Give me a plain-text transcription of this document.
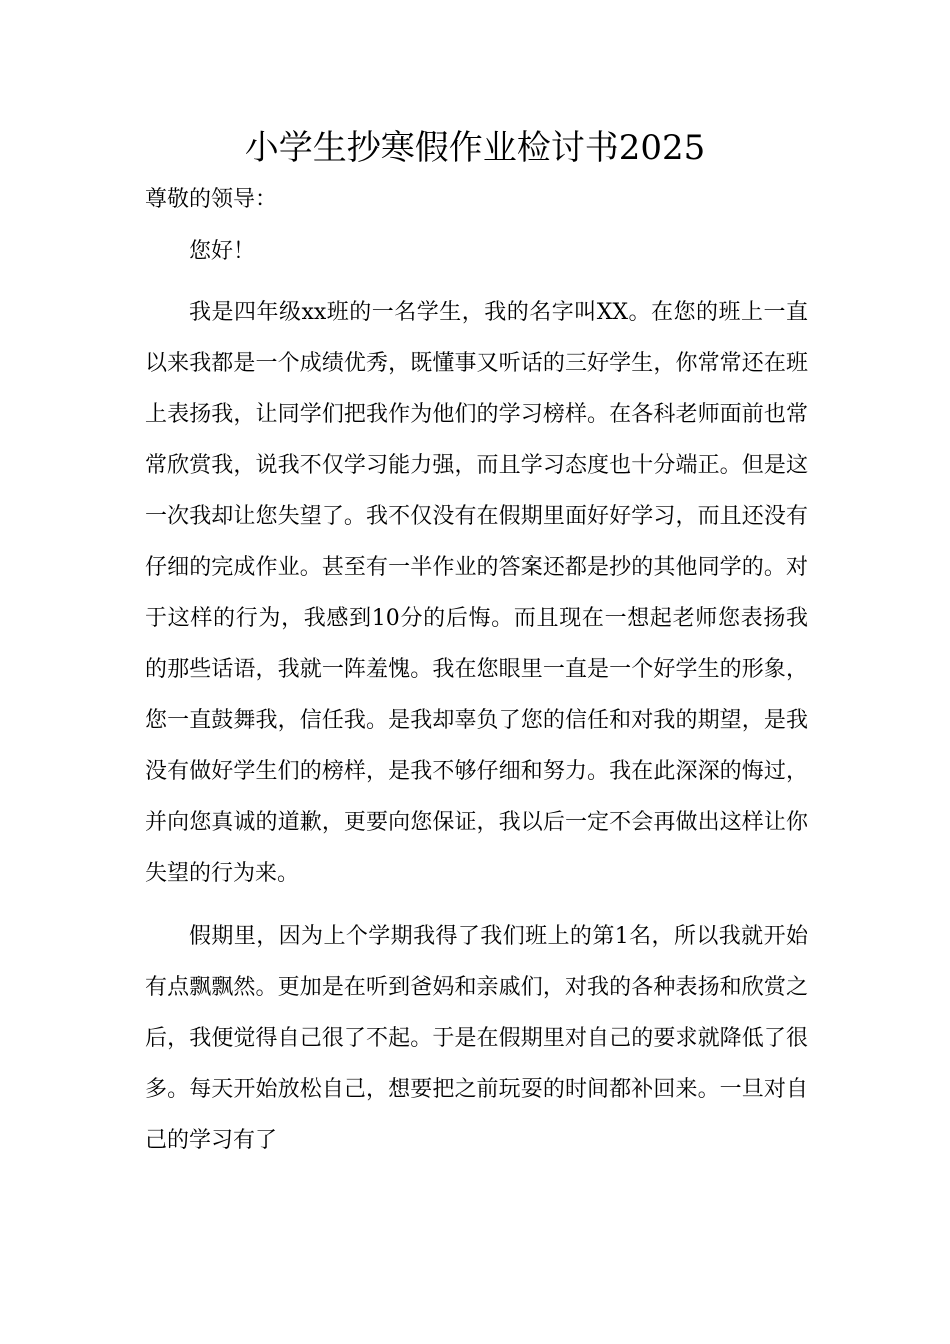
小学生抄寒假作业检讨书2025
尊敬的领导：

您好！

我是四年级xx班的一名学生，我的名字叫XX。在您的班上一直以来我都是一个成绩优秀，既懂事又听话的三好学生，你常常还在班上表扬我，让同学们把我作为他们的学习榜样。在各科老师面前也常常欣赏我，说我不仅学习能力强，而且学习态度也十分端正。但是这一次我却让您失望了。我不仅没有在假期里面好好学习，而且还没有仔细的完成作业。甚至有一半作业的答案还都是抄的其他同学的。对于这样的行为，我感到10分的后悔。而且现在一想起老师您表扬我的那些话语，我就一阵羞愧。我在您眼里一直是一个好学生的形象，您一直鼓舞我，信任我。是我却辜负了您的信任和对我的期望，是我没有做好学生们的榜样，是我不够仔细和努力。我在此深深的悔过，并向您真诚的道歉，更要向您保证，我以后一定不会再做出这样让你失望的行为来。

假期里，因为上个学期我得了我们班上的第1名，所以我就开始有点飘飘然。更加是在听到爸妈和亲戚们，对我的各种表扬和欣赏之后，我便觉得自己很了不起。于是在假期里对自己的要求就降低了很多。每天开始放松自己，想要把之前玩耍的时间都补回来。一旦对自己的学习有了
